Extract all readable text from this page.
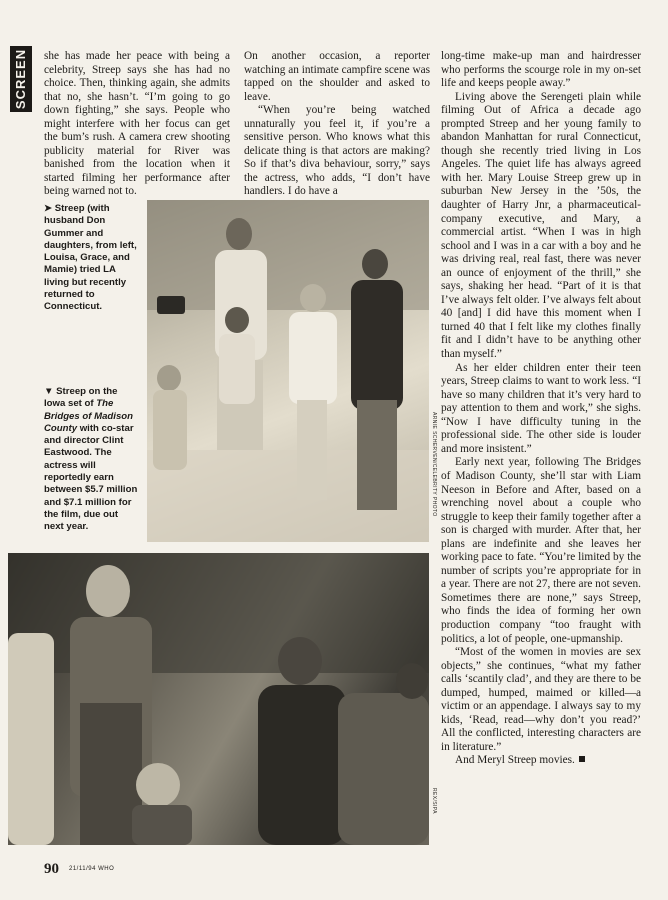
SCREEN	she has made her peace with being a celebrity, Streep says she has had no choice. Then, thinking again, she admits that no, she hasn’t. “I’m going to go down fighting,” she says. People who might interfere with her focus can get the bum’s rush. A camera crew shooting publicity material for River was banished from the location when it started filming her performance after being warned not to.

On another occasion, a reporter watching an intimate campfire scene was tapped on the shoulder and asked to leave.

“When you’re being watched unnaturally you feel it, if you’re a sensitive person. Who knows what this delicate thing is that actors are making? So if that’s diva behaviour, sorry,” says the actress, who adds, “I don’t have handlers. I do have a

long-time make-up man and hairdresser who performs the scourge role in my on-set life and keeps people away.”

Living above the Serengeti plain while filming Out of Africa a decade ago prompted Streep and her young family to abandon Manhattan for rural Connecticut, though she recently tried living in Los Angeles. The quiet life has always agreed with her. Mary Louise Streep grew up in suburban New Jersey in the ’50s, the daughter of Harry Jnr, a pharmaceutical-company executive, and Mary, a commercial artist. “When I was in high school and I was in a car with a boy and he was driving real, real fast, there was never an ounce of enjoyment of the thrill,” she says, shaking her head. “Part of it is that I’ve always felt older. I’ve always felt about 40 [and] I did have this moment when I turned 40 that I felt like my clothes finally fit and I didn’t have to be anything other than myself.”

As her elder children enter their teen years, Streep claims to want to work less. “I have so many children that it’s very hard to pay attention to them and work,” she sighs. “Now I have difficulty tuning in the professional side. The other side is louder and more insistent.”

Early next year, following The Bridges of Madison County, she’ll star with Liam Neeson in Before and After, based on a wrenching novel about a couple who struggle to keep their family together after a son is charged with murder. After that, her plans are indefinite and she leaves her working pace to fate. “You’re limited by the number of scripts you’re appropriate for in a year. There are not 27, there are not seven. Sometimes there are none,” says Streep, who finds the idea of forming her own production company “too fraught with politics, a lot of people, one-upmanship.

“Most of the women in movies are sex objects,” she continues, “what my father calls ‘scantily clad’, and they are there to be dumped, humped, maimed or killed—a victim or an appendage. I always say to my kids, ‘Read, read—why don’t you read?’ All the conflicted, interesting characters are in literature.”

And Meryl Streep movies.

➤ Streep (with husband Don Gummer and daughters, from left, Louisa, Grace, and Mamie) tried LA living but recently returned to Connecticut.
▼ Streep on the Iowa set of The Bridges of Madison County with co-star and director Clint Eastwood. The actress will reportedly earn between $5.7 million and $7.1 million for the film, due out next year.
ARNIE SCHERVEN/CELEBRITY PHOTO
REX/SIPA
90 21/11/94 WHO
